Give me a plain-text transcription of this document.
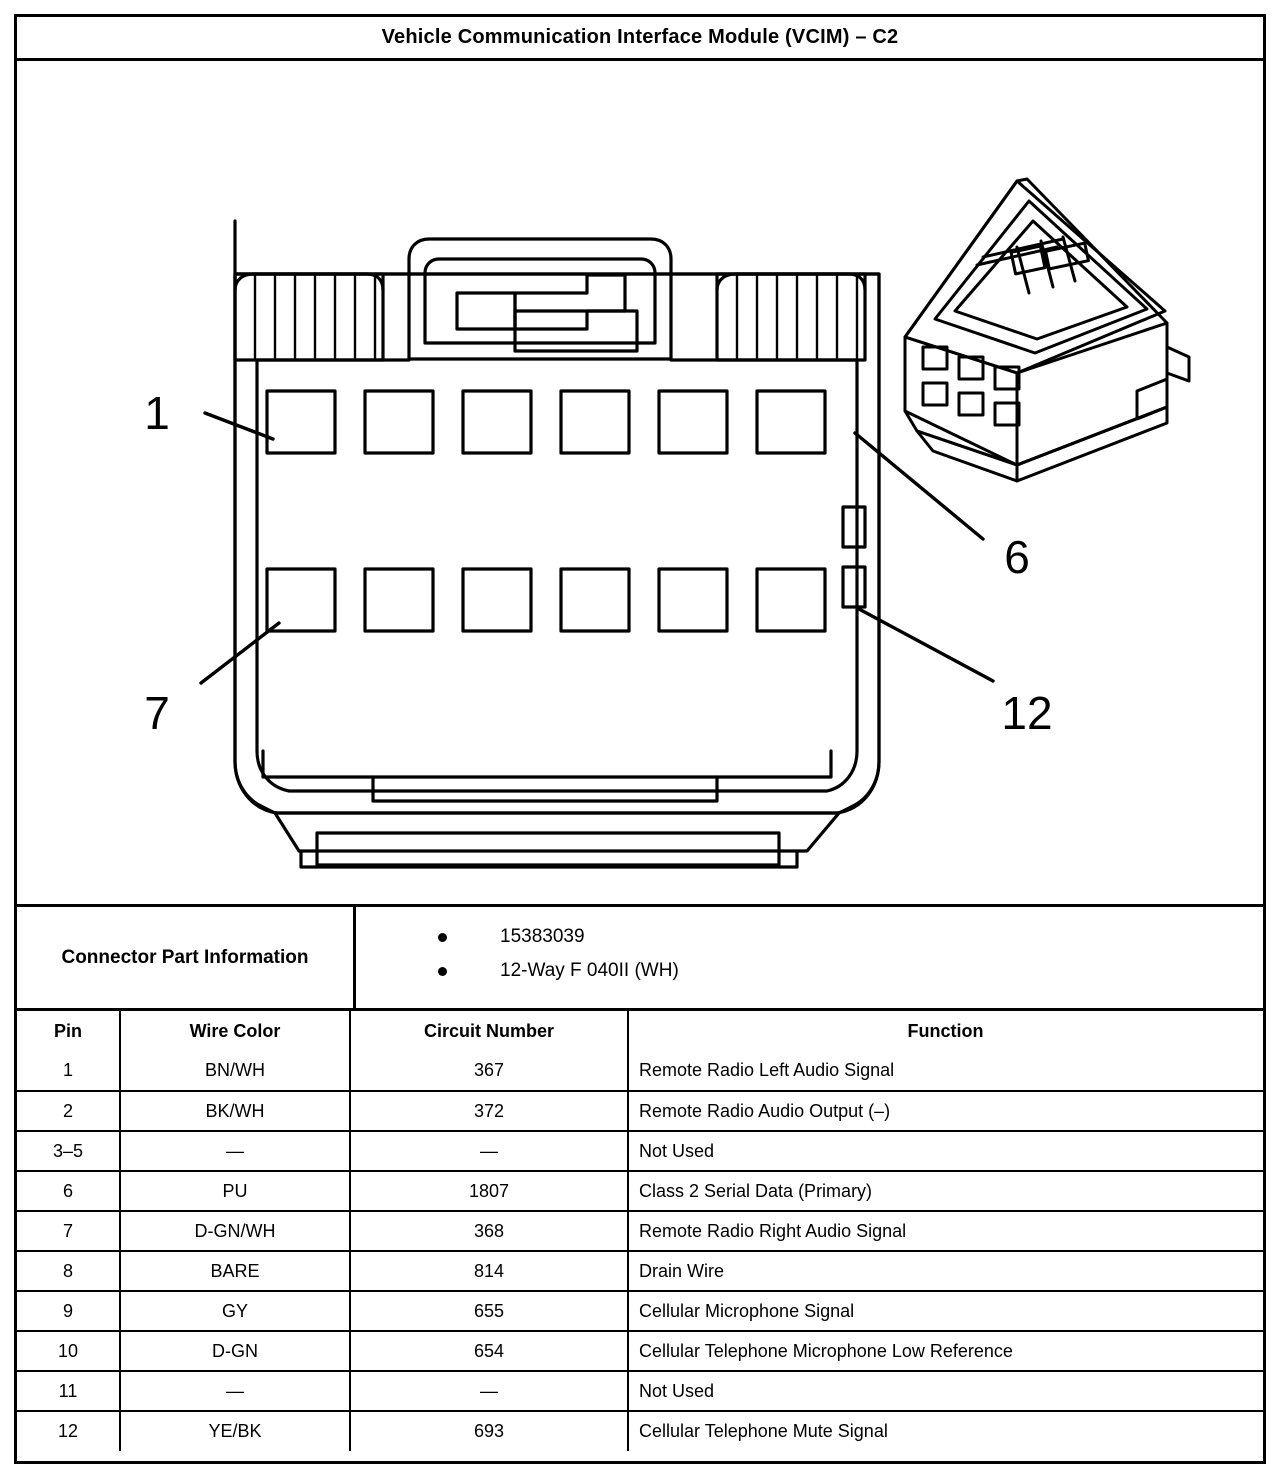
Vehicle Communication Interface Module (VCIM) – C2
1
6
7	12
Connector Part Information
15383039
12-Way F 040II (WH)
Pin	Wire Color	Circuit Number	Function
1	BN/WH	367	Remote Radio Left Audio Signal
2	BK/WH	372	Remote Radio Audio Output (–)
3–5	—	—	Not Used
6	PU	1807	Class 2 Serial Data (Primary)
7	D-GN/WH	368	Remote Radio Right Audio Signal
8	BARE	814	Drain Wire
9	GY	655	Cellular Microphone Signal
10	D-GN	654	Cellular Telephone Microphone Low Reference
11	—	—	Not Used
12	YE/BK	693	Cellular Telephone Mute Signal
